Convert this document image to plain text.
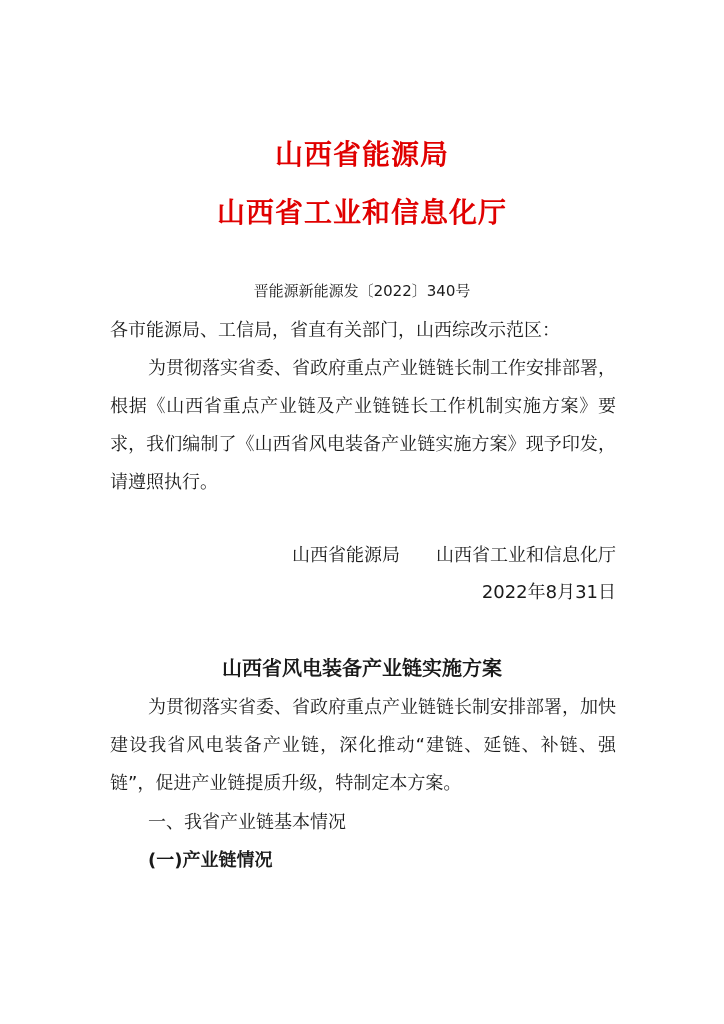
山西省能源局
山西省工业和信息化厅
晋能源新能源发〔2022〕340号

各市能源局、工信局，省直有关部门，山西综改示范区：

为贯彻落实省委、省政府重点产业链链长制工作安排部署，根据《山西省重点产业链及产业链链长工作机制实施方案》要求，我们编制了《山西省风电装备产业链实施方案》现予印发，请遵照执行。

山西省能源局 山西省工业和信息化厅
2022年8月31日
山西省风电装备产业链实施方案

为贯彻落实省委、省政府重点产业链链长制安排部署，加快建设我省风电装备产业链，深化推动“建链、延链、补链、强链”，促进产业链提质升级，特制定本方案。

一、我省产业链基本情况
(一)产业链情况
